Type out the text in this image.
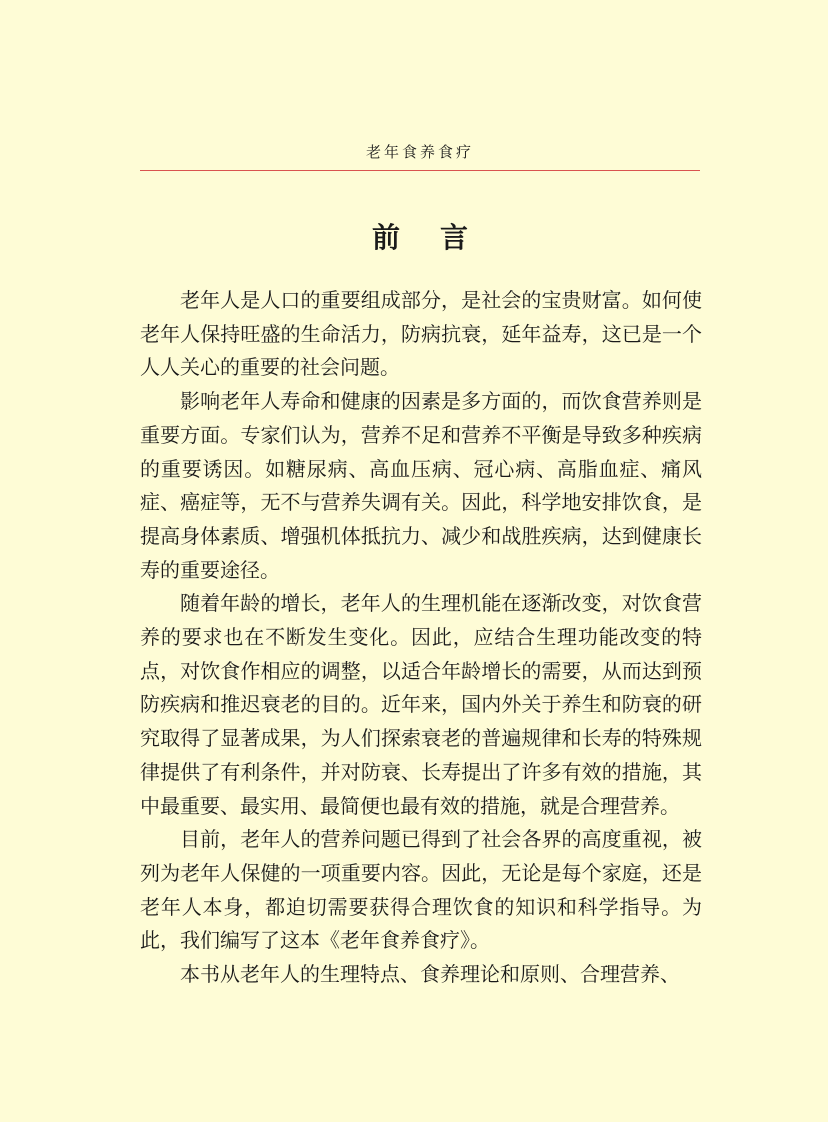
老年食养食疗
前言

老年人是人口的重要组成部分，是社会的宝贵财富。如何使老年人保持旺盛的生命活力，防病抗衰，延年益寿，这已是一个人人关心的重要的社会问题。

影响老年人寿命和健康的因素是多方面的，而饮食营养则是重要方面。专家们认为，营养不足和营养不平衡是导致多种疾病的重要诱因。如糖尿病、高血压病、冠心病、高脂血症、痛风症、癌症等，无不与营养失调有关。因此，科学地安排饮食，是提高身体素质、增强机体抵抗力、减少和战胜疾病，达到健康长寿的重要途径。

随着年龄的增长，老年人的生理机能在逐渐改变，对饮食营养的要求也在不断发生变化。因此，应结合生理功能改变的特点，对饮食作相应的调整，以适合年龄增长的需要，从而达到预防疾病和推迟衰老的目的。近年来，国内外关于养生和防衰的研究取得了显著成果，为人们探索衰老的普遍规律和长寿的特殊规律提供了有利条件，并对防衰、长寿提出了许多有效的措施，其中最重要、最实用、最简便也最有效的措施，就是合理营养。

目前，老年人的营养问题已得到了社会各界的高度重视，被列为老年人保健的一项重要内容。因此，无论是每个家庭，还是老年人本身，都迫切需要获得合理饮食的知识和科学指导。为此，我们编写了这本《老年食养食疗》。

本书从老年人的生理特点、食养理论和原则、合理营养、
